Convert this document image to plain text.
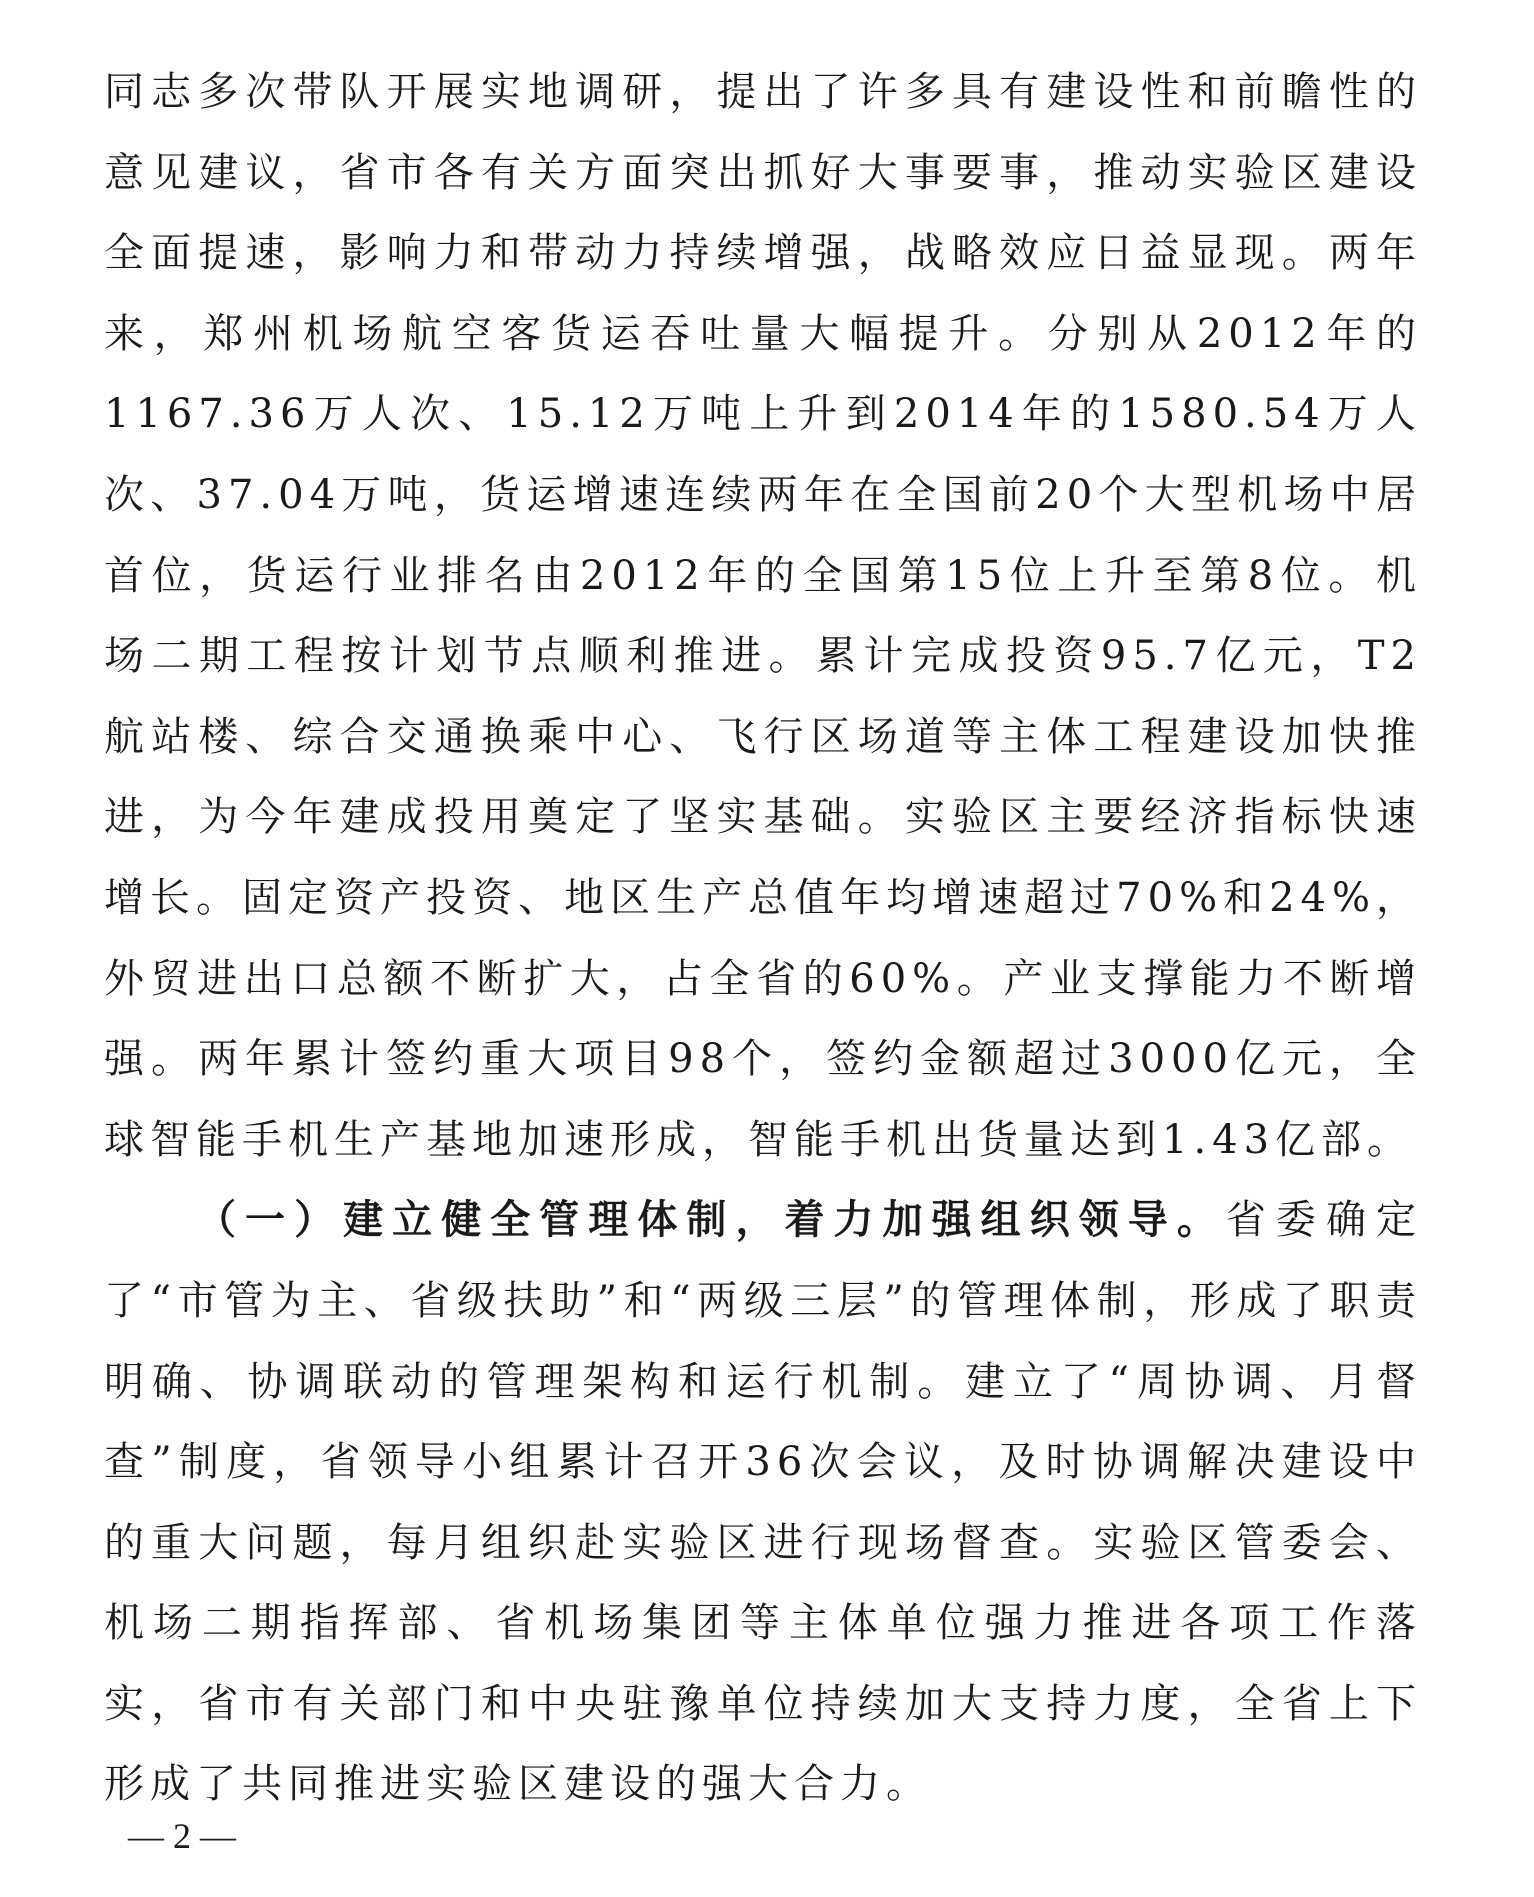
同志多次带队开展实地调研，提出了许多具有建设性和前瞻性的意见建议，省市各有关方面突出抓好大事要事，推动实验区建设全面提速，影响力和带动力持续增强，战略效应日益显现。两年来，郑州机场航空客货运吞吐量大幅提升。分别从2012年的1167.36万人次、15.12万吨上升到2014年的1580.54万人次、37.04万吨，货运增速连续两年在全国前20个大型机场中居首位，货运行业排名由2012年的全国第15位上升至第8位。机场二期工程按计划节点顺利推进。累计完成投资95.7亿元，T2航站楼、综合交通换乘中心、飞行区场道等主体工程建设加快推进，为今年建成投用奠定了坚实基础。实验区主要经济指标快速增长。固定资产投资、地区生产总值年均增速超过70%和24%，外贸进出口总额不断扩大，占全省的60%。产业支撑能力不断增强。两年累计签约重大项目98个，签约金额超过3000亿元，全球智能手机生产基地加速形成，智能手机出货量达到1.43亿部。

（一）建立健全管理体制，着力加强组织领导。省委确定了“市管为主、省级扶助”和“两级三层”的管理体制，形成了职责明确、协调联动的管理架构和运行机制。建立了“周协调、月督查”制度，省领导小组累计召开36次会议，及时协调解决建设中的重大问题，每月组织赴实验区进行现场督查。实验区管委会、机场二期指挥部、省机场集团等主体单位强力推进各项工作落实，省市有关部门和中央驻豫单位持续加大支持力度，全省上下形成了共同推进实验区建设的强大合力。

— 2 —
